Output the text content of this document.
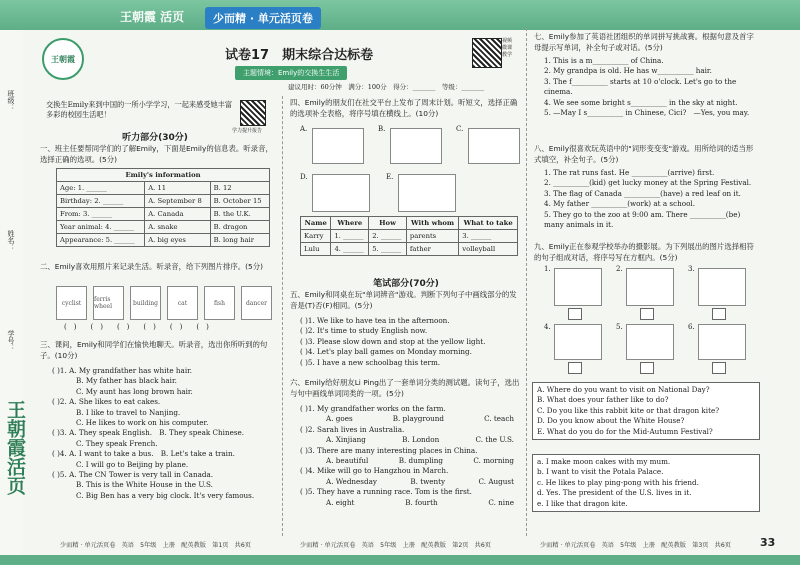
王朝霞 活页	少而精 · 单元活页卷
王朝霞活页
班级：
姓名：
学号：
王朝霞	试卷17　期末综合达标卷
主题情境：Emily的交换生生活
视频微课教学
建议用时：60分钟　满分：100分　得分：_______　等级：_______
交换生Emily来到中国的一所小学学习，一起来感受她丰富多彩的校园生活吧！
学力提升报告
听力部分(30分)
一、班主任要帮同学们的了解Emily，下面是Emily的信息表。听录音，选择正确的选项。(5分)
Emily's information		
Age: 1. ______	A. 11	B. 12
Birthday: 2. ______	A. September 8	B. October 15
From: 3. ______	A. Canada	B. the U.K.
Year animal: 4. ______	A. snake	B. dragon
Appearance: 5. ______	A. big eyes	B. long hair
二、Emily喜欢用照片来记录生活。听录音，给下列图片排序。(5分)
cyclist	ferris wheel	building	cat	fish	dancer
(　) (　) (　) (　) (　) (　)
三、课间，Emily和同学们在愉快地聊天。听录音，选出你所听到的句子。(10分)
( )1. A. My grandfather has white hair.
B. My father has black hair.
C. My aunt has long brown hair.
( )2. A. She likes to eat cakes.
B. I like to travel to Nanjing.
C. He likes to work on his computer.
( )3. A. They speak English.　B. They speak Chinese.
C. They speak French.
( )4. A. I want to take a bus.　B. Let's take a train.
C. I will go to Beijing by plane.
( )5. A. The CN Tower is very tall in Canada.
B. This is the White House in the U.S.
C. Big Ben has a very big clock. It's very famous.
少而精 · 单元活页卷　英语　5年级　上册　配英教版　第1页　共6页
四、Emily的朋友们在社交平台上发布了周末计划。听短文，选择正确的选项补全表格，将序号填在横线上。(10分)
A.	B.	C.
D.	E.
Name	Where	How	With whom	What to take
Karry	1. ______	2. ______	parents	3. ______
Lulu	4. ______	5. ______	father	volleyball
笔试部分(70分)
五、Emily和同桌在玩"单词辨音"游戏。判断下列句子中画线部分的发音是(T)否(F)相同。(5分)
( )1. We like to have tea in the afternoon.
( )2. It's time to study English now.
( )3. Please slow down and stop at the yellow light.
( )4. Let's play ball games on Monday morning.
( )5. I have a new schoolbag this term.
六、Emily给好朋友Li Ping出了一套单词分类的测试题。读句子，选出与句中画线单词同类的一项。(5分)
( )1. My grandfather works on the farm.
A. goes	B. playground	C. teach
( )2. Sarah lives in Australia.
A. Xinjiang	B. London	C. the U.S.
( )3. There are many interesting places in China.
A. beautiful	B. dumpling	C. morning
( )4. Mike will go to Hangzhou in March.
A. Wednesday	B. twenty	C. August
( )5. They have a running race. Tom is the first.
A. eight	B. fourth	C. nine
少而精 · 单元活页卷　英语　5年级　上册　配英教版　第2页　共6页
七、Emily参加了英语社团组织的单词拼写挑战赛。根据句意及首字母提示写单词，补全句子或对话。(5分)
1. This is a m__________ of China.
2. My grandpa is old. He has w__________ hair.
3. The f__________ starts at 10 o'clock. Let's go to the cinema.
4. We see some bright s__________ in the sky at night.
5. —May I s__________ in Chinese, Cici?　—Yes, you may.
八、Emily很喜欢玩英语中的"词形变变变"游戏。用所给词的适当形式填空，补全句子。(5分)
1. The rat runs fast. He __________(arrive) first.
2. __________(kid) get lucky money at the Spring Festival.
3. The flag of Canada __________(have) a red leaf on it.
4. My father __________(work) at a school.
5. They go to the zoo at 9:00 am. There __________(be) many animals in it.
九、Emily正在参观学校举办的摄影展。为下列展出的图片选择相符的句子组成对话，将序号写在方框内。(5分)
1.	2.	3.
4.	5.	6.
A. Where do you want to visit on National Day?
B. What does your father like to do?
C. Do you like this rabbit kite or that dragon kite?
D. Do you know about the White House?
E. What do you do for the Mid-Autumn Festival?
a. I make moon cakes with my mum.
b. I want to visit the Potala Palace.
c. He likes to play ping-pong with his friend.
d. Yes. The president of the U.S. lives in it.
e. I like that dragon kite.
少而精 · 单元活页卷　英语　5年级　上册　配英教版　第3页　共6页	33
